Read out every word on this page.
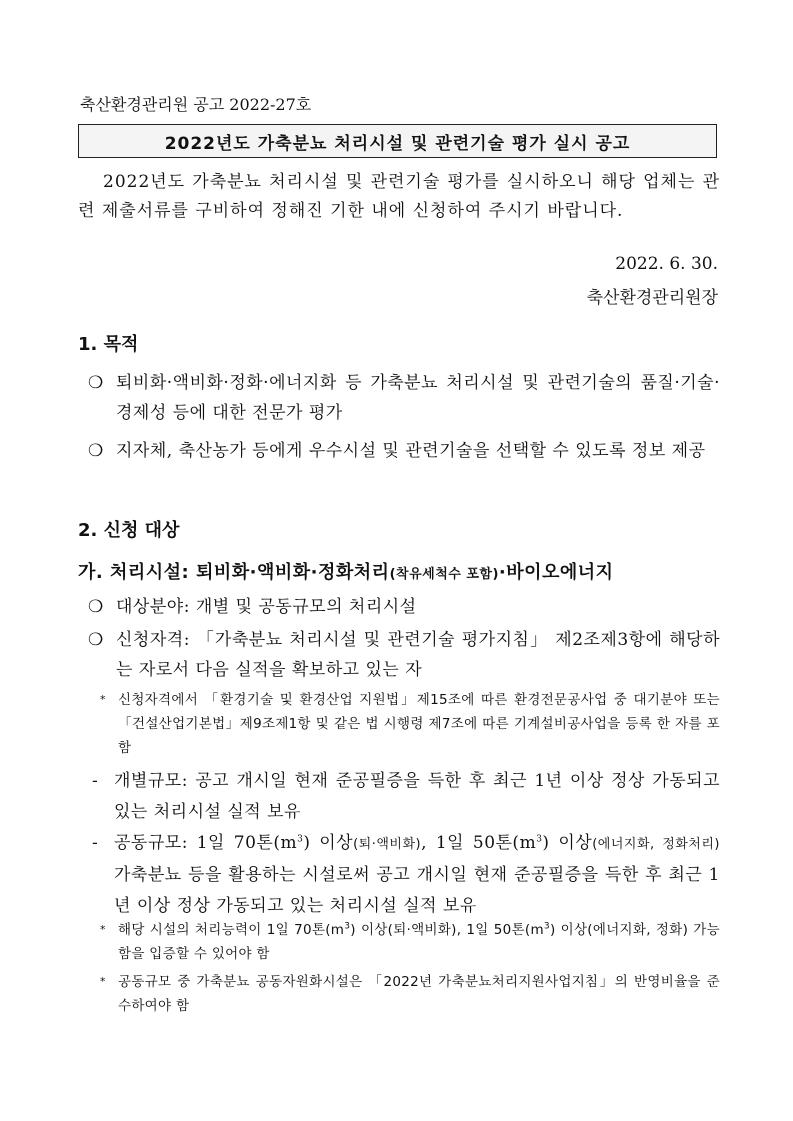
축산환경관리원 공고 2022-27호
2022년도 가축분뇨 처리시설 및 관련기술 평가 실시 공고
2022년도 가축분뇨 처리시설 및 관련기술 평가를 실시하오니 해당 업체는 관련 제출서류를 구비하여 정해진 기한 내에 신청하여 주시기 바랍니다.
2022. 6. 30.
축산환경관리원장
1. 목적
❍ 퇴비화·액비화·정화·에너지화 등 가축분뇨 처리시설 및 관련기술의 품질·기술·경제성 등에 대한 전문가 평가
❍ 지자체, 축산농가 등에게 우수시설 및 관련기술을 선택할 수 있도록 정보 제공
2. 신청 대상
가. 처리시설: 퇴비화·액비화·정화처리(착유세척수 포함)·바이오에너지
❍ 대상분야: 개별 및 공동규모의 처리시설
❍ 신청자격: 「가축분뇨 처리시설 및 관련기술 평가지침」 제2조제3항에 해당하는 자로서 다음 실적을 확보하고 있는 자
* 신청자격에서 「환경기술 및 환경산업 지원법」제15조에 따른 환경전문공사업 중 대기분야 또는「건설산업기본법」제9조제1항 및 같은 법 시행령 제7조에 따른 기계설비공사업을 등록 한 자를 포함
- 개별규모: 공고 개시일 현재 준공필증을 득한 후 최근 1년 이상 정상 가동되고 있는 처리시설 실적 보유
- 공동규모: 1일 70톤$(m^3)$ 이상(퇴·액비화), 1일 50톤$(m^3)$ 이상(에너지화, 정화처리) 가축분뇨 등을 활용하는 시설로써 공고 개시일 현재 준공필증을 득한 후 최근 1년 이상 정상 가동되고 있는 처리시설 실적 보유
* 해당 시설의 처리능력이 1일 70톤$(m^3)$ 이상(퇴·액비화), 1일 50톤$(m^3)$ 이상(에너지화, 정화) 가능함을 입증할 수 있어야 함
* 공동규모 중 가축분뇨 공동자원화시설은 「2022년 가축분뇨처리지원사업지침」의 반영비율을 준수하여야 함
